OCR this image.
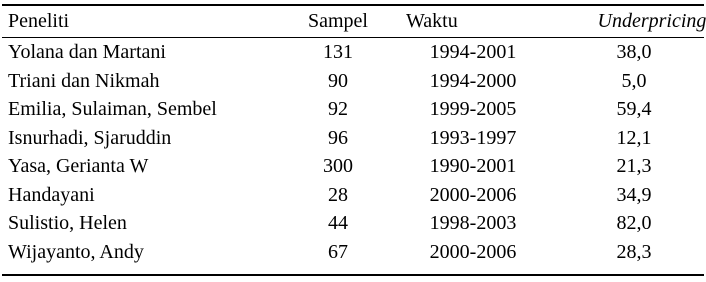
Peneliti	Sampel	Waktu	Underpricing
Yolana dan Martani	131	1994-2001	38,0
Triani dan Nikmah	90	1994-2000	5,0
Emilia, Sulaiman, Sembel	92	1999-2005	59,4
Isnurhadi, Sjaruddin	96	1993-1997	12,1
Yasa, Gerianta W	300	1990-2001	21,3
Handayani	28	2000-2006	34,9
Sulistio, Helen	44	1998-2003	82,0
Wijayanto, Andy	67	2000-2006	28,3
